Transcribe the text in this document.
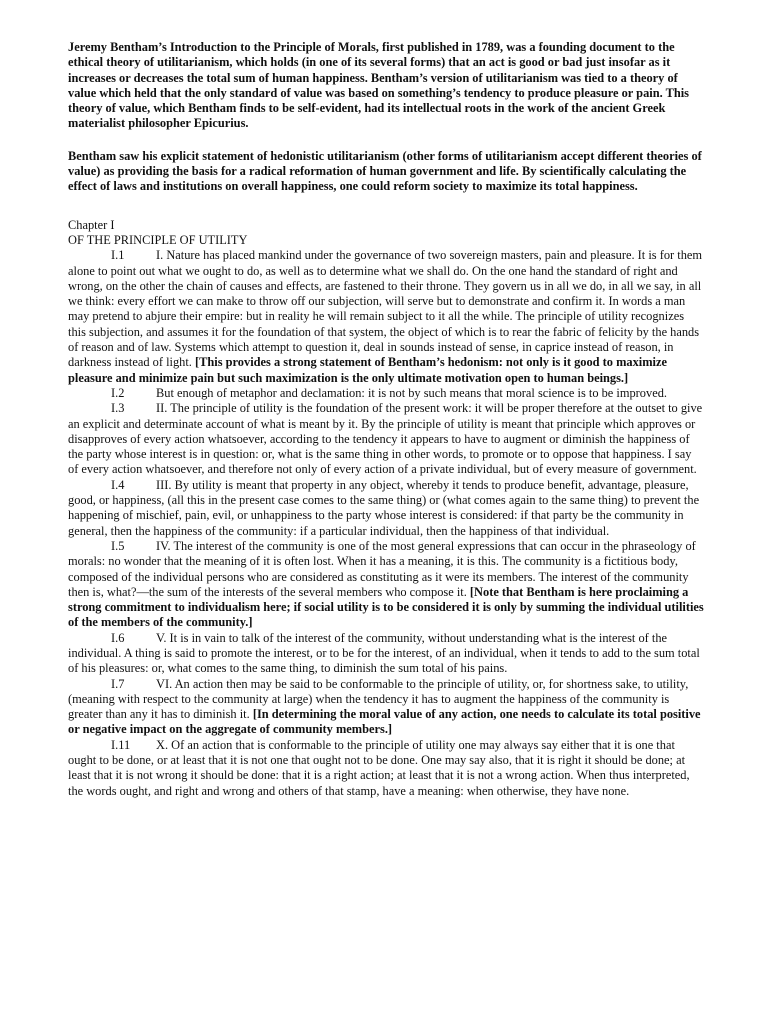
Jeremy Bentham’s Introduction to the Principle of Morals, first published in 1789, was a founding document to the ethical theory of utilitarianism, which holds (in one of its several forms) that an act is good or bad just insofar as it increases or decreases the total sum of human happiness. Bentham’s version of utilitarianism was tied to a theory of value which held that the only standard of value was based on something’s tendency to produce pleasure or pain. This theory of value, which Bentham finds to be self-evident, had its intellectual roots in the work of the ancient Greek materialist philosopher Epicurius.

Bentham saw his explicit statement of hedonistic utilitarianism (other forms of utilitarianism accept different theories of value) as providing the basis for a radical reformation of human government and life. By scientifically calculating the effect of laws and institutions on overall happiness, one could reform society to maximize its total happiness.

Chapter I

OF THE PRINCIPLE OF UTILITY

I.1	I. Nature has placed mankind under the governance of two sovereign masters, pain and pleasure. It is for them alone to point out what we ought to do, as well as to determine what we shall do. On the one hand the standard of right and wrong, on the other the chain of causes and effects, are fastened to their throne. They govern us in all we do, in all we say, in all we think: every effort we can make to throw off our subjection, will serve but to demonstrate and confirm it. In words a man may pretend to abjure their empire: but in reality he will remain subject to it all the while. The principle of utility recognizes this subjection, and assumes it for the foundation of that system, the object of which is to rear the fabric of felicity by the hands of reason and of law. Systems which attempt to question it, deal in sounds instead of sense, in caprice instead of reason, in darkness instead of light. [This provides a strong statement of Bentham’s hedonism: not only is it good to maximize pleasure and minimize pain but such maximization is the only ultimate motivation open to human beings.]

I.2	But enough of metaphor and declamation: it is not by such means that moral science is to be improved.

I.3	II. The principle of utility is the foundation of the present work: it will be proper therefore at the outset to give an explicit and determinate account of what is meant by it. By the principle of utility is meant that principle which approves or disapproves of every action whatsoever, according to the tendency it appears to have to augment or diminish the happiness of the party whose interest is in question: or, what is the same thing in other words, to promote or to oppose that happiness. I say of every action whatsoever, and therefore not only of every action of a private individual, but of every measure of government.

I.4	III. By utility is meant that property in any object, whereby it tends to produce benefit, advantage, pleasure, good, or happiness, (all this in the present case comes to the same thing) or (what comes again to the same thing) to prevent the happening of mischief, pain, evil, or unhappiness to the party whose interest is considered: if that party be the community in general, then the happiness of the community: if a particular individual, then the happiness of that individual.

I.5	IV. The interest of the community is one of the most general expressions that can occur in the phraseology of morals: no wonder that the meaning of it is often lost. When it has a meaning, it is this. The community is a fictitious body, composed of the individual persons who are considered as constituting as it were its members. The interest of the community then is, what?—the sum of the interests of the several members who compose it. [Note that Bentham is here proclaiming a strong commitment to individualism here; if social utility is to be considered it is only by summing the individual utilities of the members of the community.]

I.6	V. It is in vain to talk of the interest of the community, without understanding what is the interest of the individual. A thing is said to promote the interest, or to be for the interest, of an individual, when it tends to add to the sum total of his pleasures: or, what comes to the same thing, to diminish the sum total of his pains.

I.7	VI. An action then may be said to be conformable to the principle of utility, or, for shortness sake, to utility, (meaning with respect to the community at large) when the tendency it has to augment the happiness of the community is greater than any it has to diminish it. [In determining the moral value of any action, one needs to calculate its total positive or negative impact on the aggregate of community members.]

I.11 X. Of an action that is conformable to the principle of utility one may always say either that it is one that ought to be done, or at least that it is not one that ought not to be done. One may say also, that it is right it should be done; at least that it is not wrong it should be done: that it is a right action; at least that it is not a wrong action. When thus interpreted, the words ought, and right and wrong and others of that stamp, have a meaning: when otherwise, they have none.
